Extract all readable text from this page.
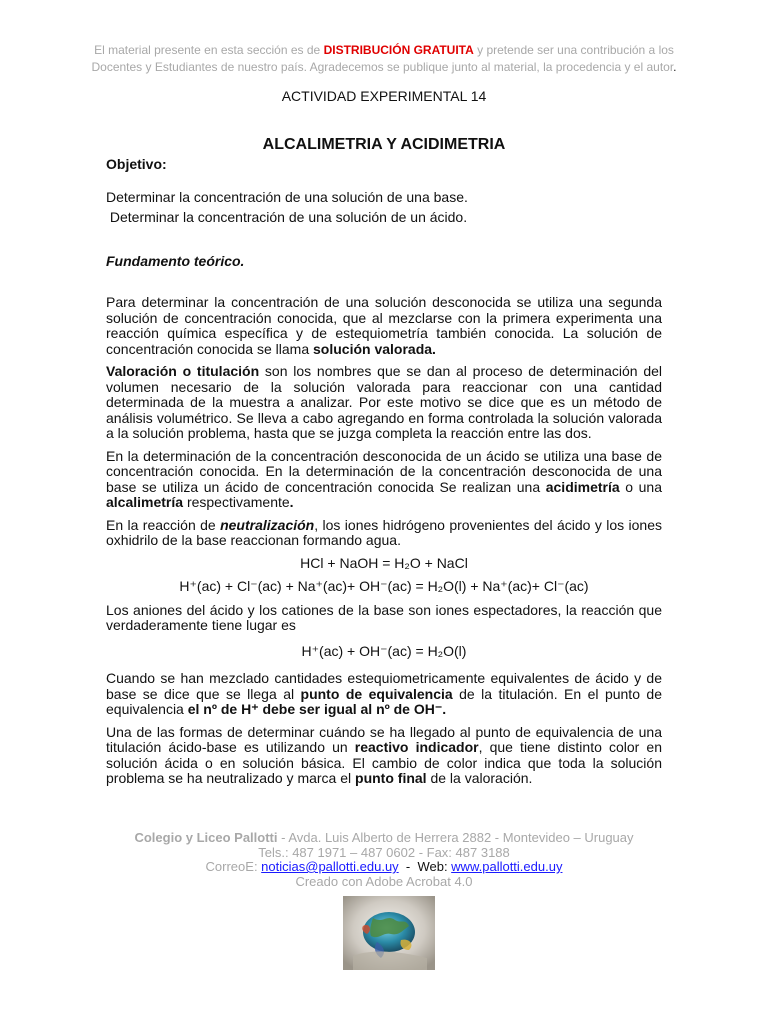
El material presente en esta sección es de DISTRIBUCIÓN GRATUITA y pretende ser una contribución a los Docentes y Estudiantes de nuestro país. Agradecemos se publique junto al material, la procedencia y el autor.
ACTIVIDAD EXPERIMENTAL 14
ALCALIMETRIA Y ACIDIMETRIA

Objetivo:

Determinar la concentración de una solución de una base.

Determinar la concentración de una solución de un ácido.

Fundamento teórico.

Para determinar la concentración de una solución desconocida se utiliza una segunda solución de concentración conocida, que al mezclarse con la primera experimenta una reacción química específica y de estequiometría también conocida. La solución de concentración conocida se llama solución valorada.

Valoración o titulación son los nombres que se dan al proceso de determinación del volumen necesario de la solución valorada para reaccionar con una cantidad determinada de la muestra a analizar. Por este motivo se dice que es un método de análisis volumétrico. Se lleva a cabo agregando en forma controlada la solución valorada a la solución problema, hasta que se juzga completa la reacción entre las dos.

En la determinación de la concentración desconocida de un ácido se utiliza una base de concentración conocida. En la determinación de la concentración desconocida de una base se utiliza un ácido de concentración conocida Se realizan una acidimetría o una alcalimetría respectivamente.

En la reacción de neutralización, los iones hidrógeno provenientes del ácido y los iones oxhidrilo de la base reaccionan formando agua.

HCl + NaOH = H₂O + NaCl

H⁺(ac) + Cl⁻(ac) + Na⁺(ac)+ OH⁻(ac) = H₂O(l) + Na⁺(ac)+ Cl⁻(ac)

Los aniones del ácido y los cationes de la base son iones espectadores, la reacción que verdaderamente tiene lugar es

H⁺(ac) + OH⁻(ac) = H₂O(l)

Cuando se han mezclado cantidades estequiometricamente equivalentes de ácido y de base se dice que se llega al punto de equivalencia de la titulación. En el punto de equivalencia el nº de H⁺ debe ser igual al nº de OH⁻.

Una de las formas de determinar cuándo se ha llegado al punto de equivalencia de una titulación ácido-base es utilizando un reactivo indicador, que tiene distinto color en solución ácida o en solución básica. El cambio de color indica que toda la solución problema se ha neutralizado y marca el punto final de la valoración.

Colegio y Liceo Pallotti - Avda. Luis Alberto de Herrera 2882 - Montevideo – Uruguay
Tels.: 487 1971 – 487 0602 - Fax: 487 3188
CorreoE: noticias@pallotti.edu.uy  -  Web: www.pallotti.edu.uy
Creado con Adobe Acrobat 4.0
